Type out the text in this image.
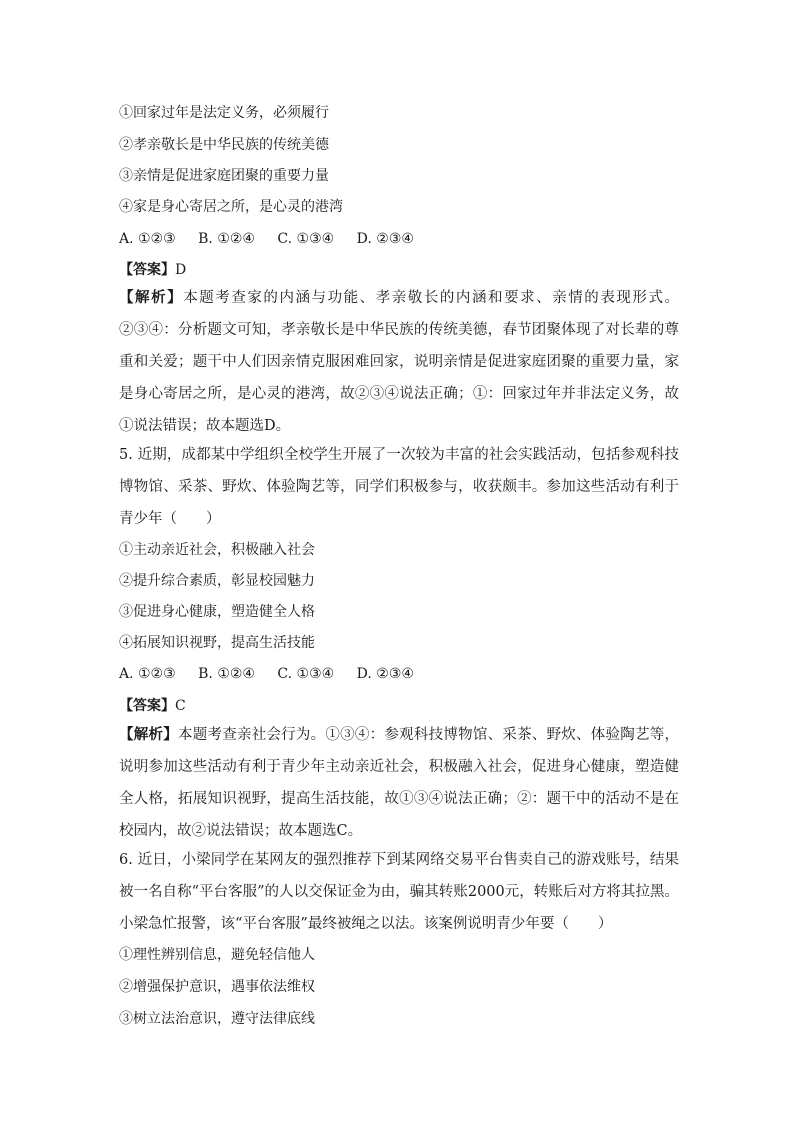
①回家过年是法定义务，必须履行
②孝亲敬长是中华民族的传统美德
③亲情是促进家庭团聚的重要力量
④家是身心寄居之所，是心灵的港湾
A. ①②③ B. ①②④ C. ①③④ D. ②③④
【答案】D
【解析】本题考查家的内涵与功能、孝亲敬长的内涵和要求、亲情的表现形式。②③④：分析题文可知，孝亲敬长是中华民族的传统美德，春节团聚体现了对长辈的尊重和关爱；题干中人们因亲情克服困难回家，说明亲情是促进家庭团聚的重要力量，家是身心寄居之所，是心灵的港湾，故②③④说法正确；①：回家过年并非法定义务，故①说法错误；故本题选D。
5. 近期，成都某中学组织全校学生开展了一次较为丰富的社会实践活动，包括参观科技博物馆、采茶、野炊、体验陶艺等，同学们积极参与，收获颇丰。参加这些活动有利于青少年（　　）
①主动亲近社会，积极融入社会
②提升综合素质，彰显校园魅力
③促进身心健康，塑造健全人格
④拓展知识视野，提高生活技能
A. ①②③ B. ①②④ C. ①③④ D. ②③④
【答案】C
【解析】本题考查亲社会行为。①③④：参观科技博物馆、采茶、野炊、体验陶艺等，说明参加这些活动有利于青少年主动亲近社会，积极融入社会，促进身心健康，塑造健全人格，拓展知识视野，提高生活技能，故①③④说法正确；②：题干中的活动不是在校园内，故②说法错误；故本题选C。
6. 近日，小梁同学在某网友的强烈推荐下到某网络交易平台售卖自己的游戏账号，结果被一名自称“平台客服”的人以交保证金为由，骗其转账2000元，转账后对方将其拉黑。小梁急忙报警，该“平台客服”最终被绳之以法。该案例说明青少年要（　　）
①理性辨别信息，避免轻信他人
②增强保护意识，遇事依法维权
③树立法治意识，遵守法律底线
